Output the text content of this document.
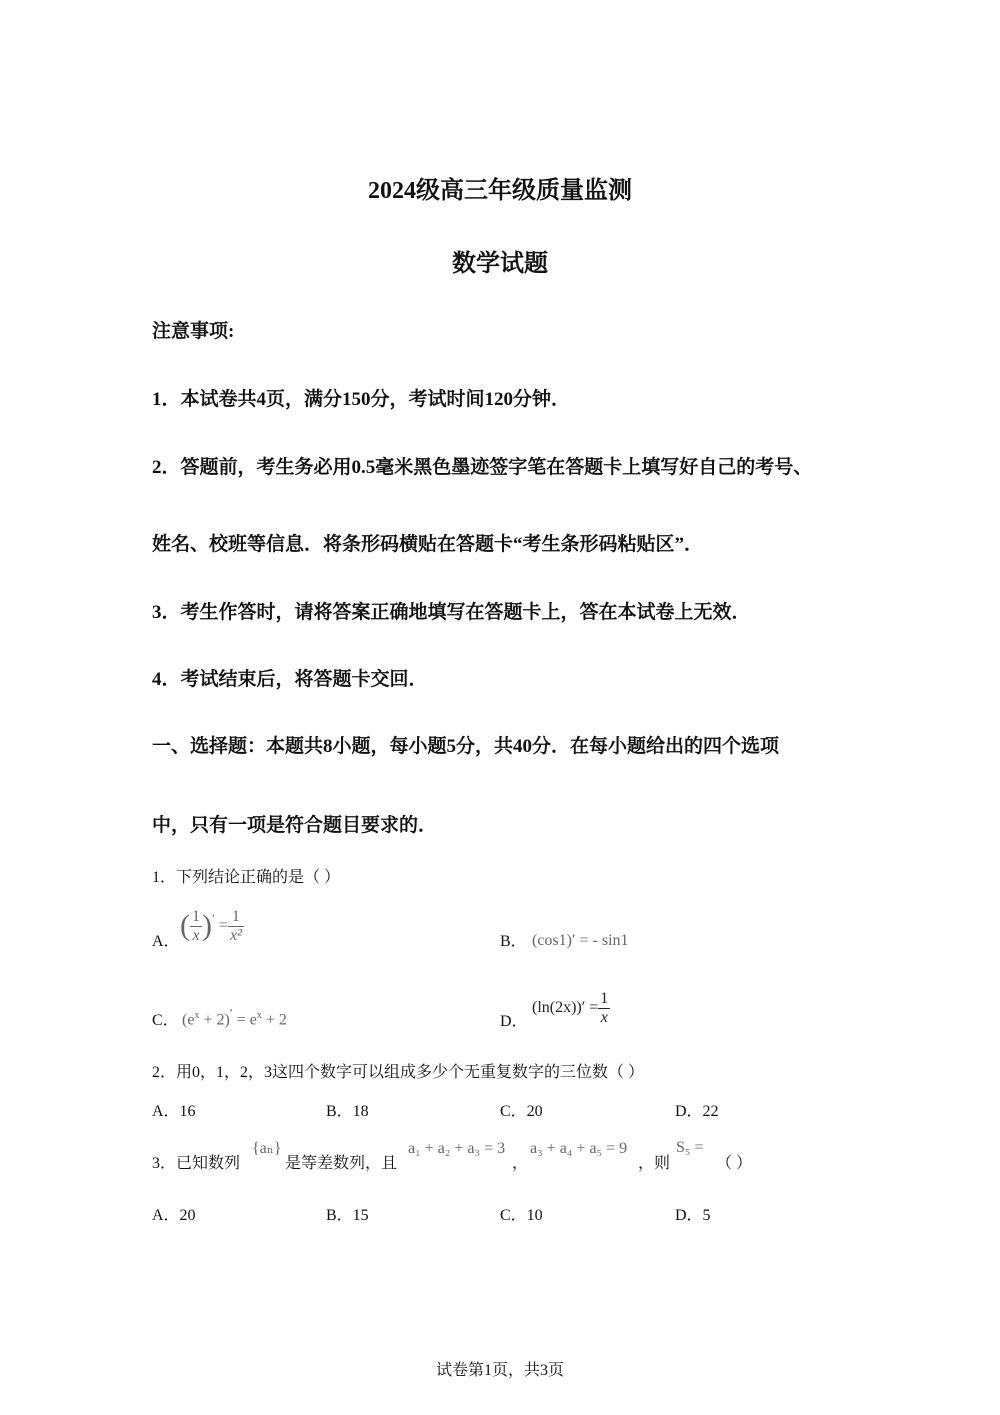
2024级高三年级质量监测
数学试题
注意事项:
1．本试卷共4页，满分150分，考试时间120分钟．
2．答题前，考生务必用0.5毫米黑色墨迹签字笔在答题卡上填写好自己的考号、
姓名、校班等信息．将条形码横贴在答题卡“考生条形码粘贴区”．
3．考生作答时，请将答案正确地填写在答题卡上，答在本试卷上无效．
4．考试结束后，将答题卡交回．
一、选择题：本题共8小题，每小题5分，共40分．在每小题给出的四个选项
中，只有一项是符合题目要求的．
1．下列结论正确的是（ ）
A． ( $\frac{1}{x} )' = \frac{1}{\text{x²}}$	B． (cos1)′ = - sin1
C． $(e^x + 2)' = e^x + 2$	D．
$(\ln(2x))' = \frac{1}{x}$
2．用0，1，2，3这四个数字可以组成多少个无重复数字的三位数（ ）
A．16	B．18	C．20	D．22
3．已知数列
{aₙ}
是等差数列，且
a₁ + a₂ + a₃ = 3
，
a₃ + a₄ + a₅ = 9
，则
S₅ =
（ ）
A．20	B．15	C．10	D．5
试卷第1页，共3页
